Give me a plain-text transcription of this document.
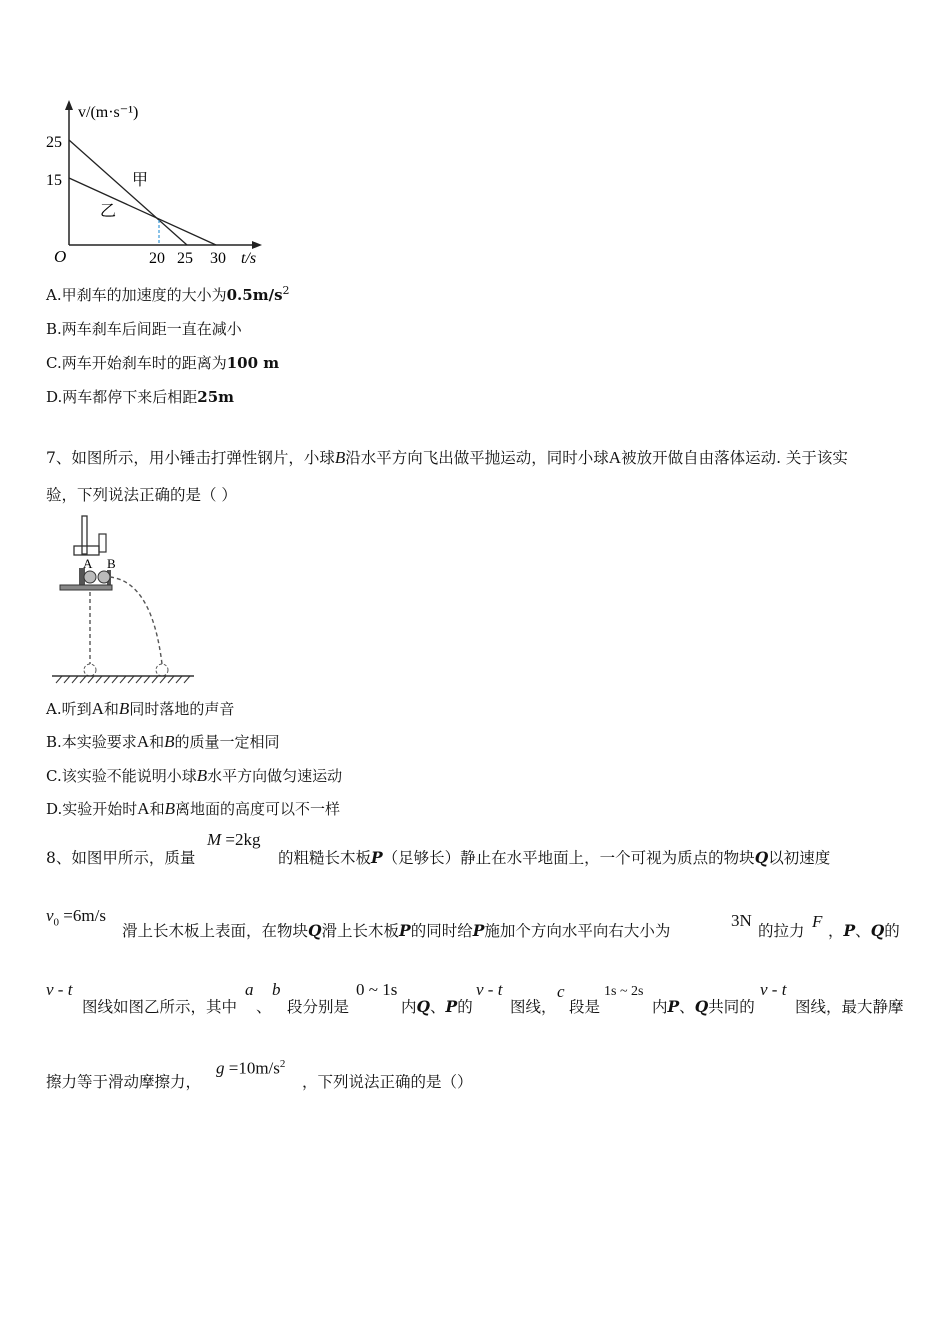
v/(m·s⁻¹)
25
15
O	20 25 30 t/s
甲
乙
A.甲刹车的加速度的大小为$0.5m/s^2$
B.两车刹车后间距一直在减小
C.两车开始刹车时的距离为100 m
D.两车都停下来后相距25m
7、如图所示，用小锤击打弹性钢片，小球B沿水平方向飞出做平抛运动，同时小球A被放开做自由落体运动. 关于该实
验，下列说法正确的是（ ）
A B
A.听到A和B同时落地的声音
B.本实验要求A和B的质量一定相同
C.该实验不能说明小球B水平方向做匀速运动
D.实验开始时A和B离地面的高度可以不一样
8、如图甲所示，质量
M =2kg
的粗糙长木板P（足够长）静止在水平地面上，一个可视为质点的物块Q以初速度
$v_0 =6m/s$
滑上长木板上表面，在物块Q滑上长木板P的同时给P施加个方向水平向右大小为
3N
的拉力 F ，P、Q的
v - t
图线如图乙所示，其中
a
、
b
段分别是
0 ~ 1s
内Q、P的
v - t
图线，
c
段是
1s ~ 2s
内P、Q共同的
v - t
图线，最大静摩
擦力等于滑动摩擦力，
$g =10m/s^2$
，下列说法正确的是（）
